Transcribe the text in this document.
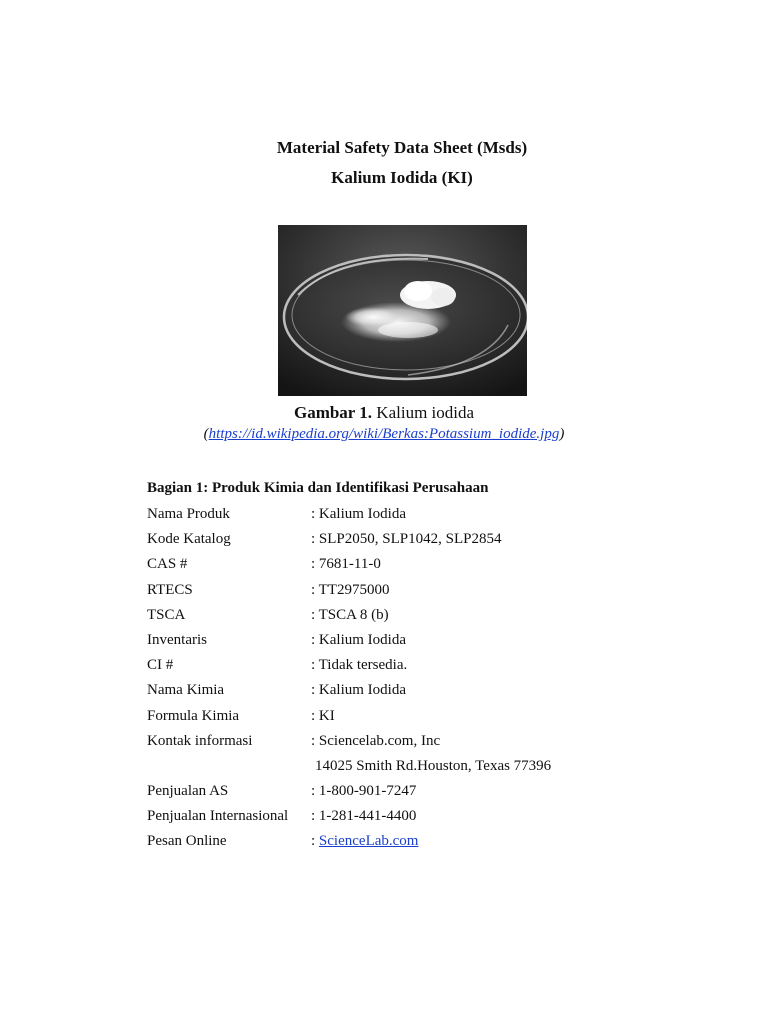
Material Safety Data Sheet (Msds)
Kalium Iodida (KI)
Gambar 1. Kalium iodida
(https://id.wikipedia.org/wiki/Berkas:Potassium_iodide.jpg)
Bagian 1: Produk Kimia dan Identifikasi Perusahaan
Nama Produk	: Kalium Iodida
Kode Katalog	: SLP2050, SLP1042, SLP2854
CAS #	: 7681-11-0
RTECS	: TT2975000
TSCA	: TSCA 8 (b)
Inventaris	: Kalium Iodida
CI #	: Tidak tersedia.
Nama Kimia	: Kalium Iodida
Formula Kimia	: KI
Kontak informasi	: Sciencelab.com, Inc
14025 Smith Rd.Houston, Texas 77396
Penjualan AS	: 1-800-901-7247
Penjualan Internasional : 1-281-441-4400
Pesan Online	: ScienceLab.com
